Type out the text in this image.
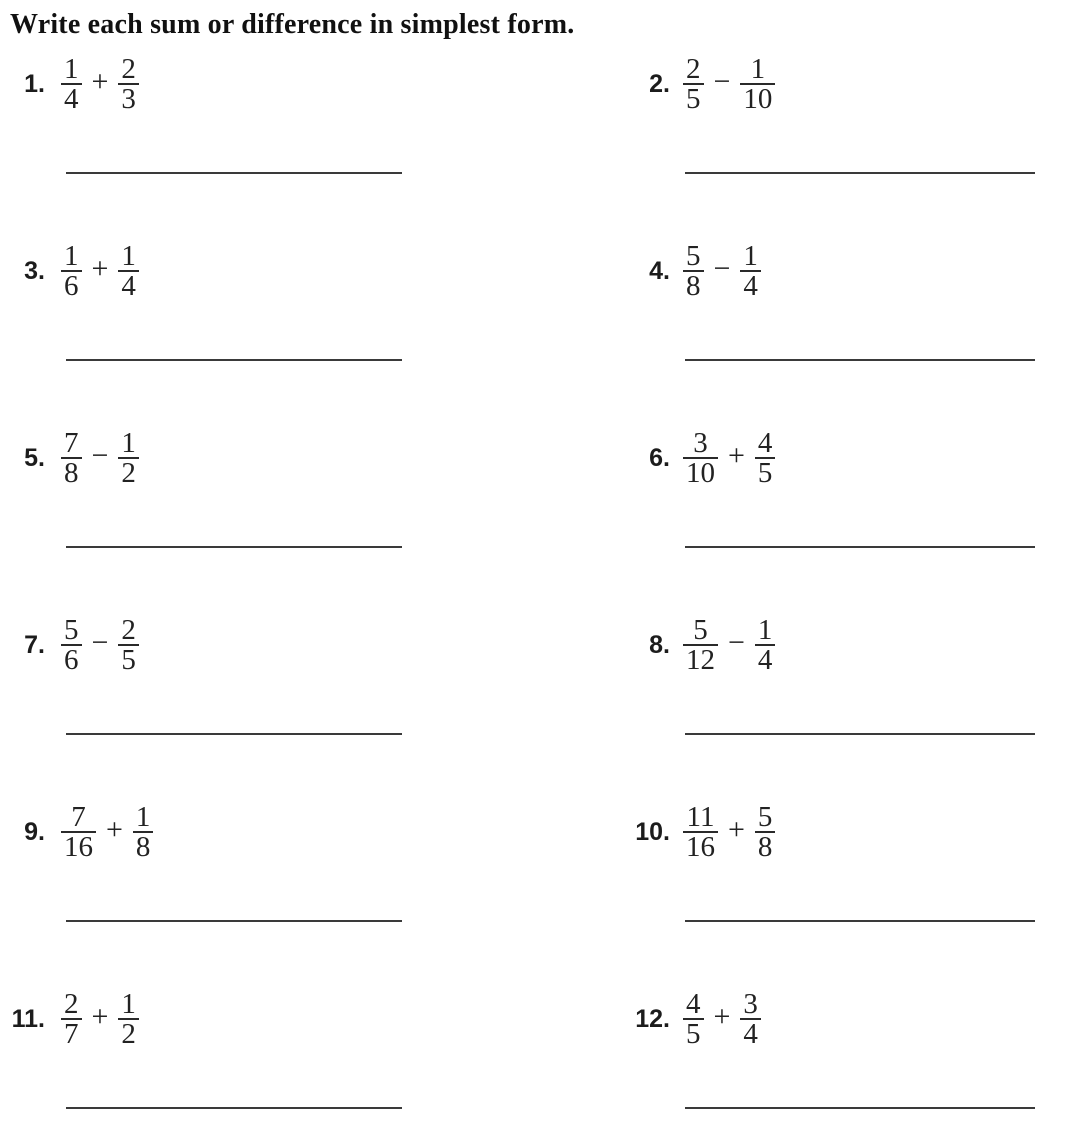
Write each sum or difference in simplest form.
1. $\frac{1}{4} + \frac{2}{3}$	2. $\frac{2}{5} - \frac{1}{10}$
3. $\frac{1}{6} + \frac{1}{4}$	4. $\frac{5}{8} - \frac{1}{4}$
5. $\frac{7}{8} - \frac{1}{2}$	6. $\frac{3}{10} + \frac{4}{5}$
7. $\frac{5}{6} - \frac{2}{5}$	8. $\frac{5}{12} - \frac{1}{4}$
9. $\frac{7}{16} + \frac{1}{8}$	10. $\frac{11}{16} + \frac{5}{8}$
11. $\frac{2}{7} + \frac{1}{2}$	12. $\frac{4}{5} + \frac{3}{4}$
